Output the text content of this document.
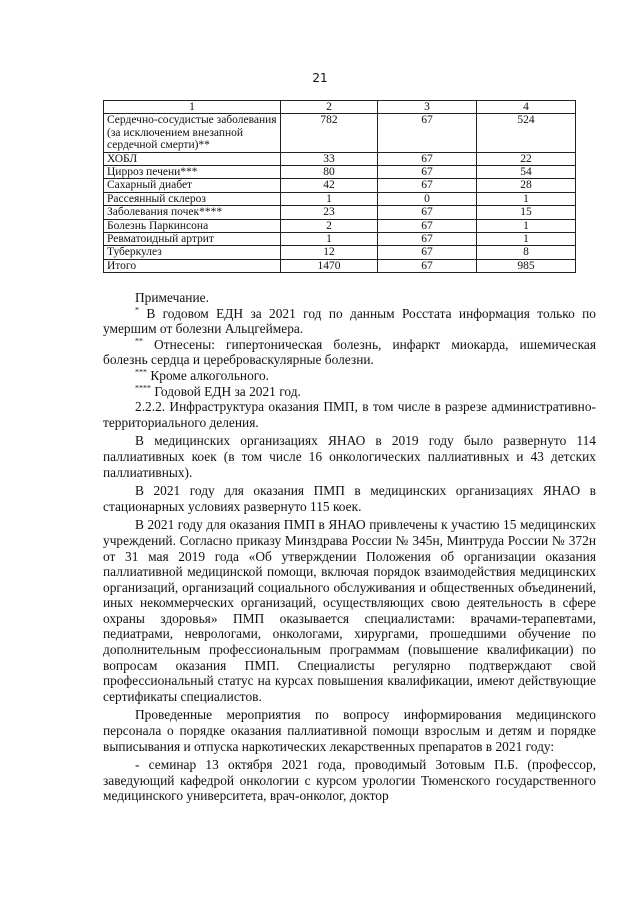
21
1	2	3	4
Сердечно-сосудистые заболевания (за исключением внезапной сердечной смерти)**	782	67	524
ХОБЛ	33	67	22
Цирроз печени***	80	67	54
Сахарный диабет	42	67	28
Рассеянный склероз	1	0	1
Заболевания почек****	23	67	15
Болезнь Паркинсона	2	67	1
Ревматоидный артрит	1	67	1
Туберкулез	12	67	8
Итого	1470	67	985

Примечание.

* В годовом ЕДН за 2021 год по данным Росстата информация только по умершим от болезни Альцгеймера.

** Отнесены: гипертоническая болезнь, инфаркт миокарда, ишемическая болезнь сердца и цереброваскулярные болезни.

*** Кроме алкогольного.

**** Годовой ЕДН за 2021 год.

2.2.2. Инфраструктура оказания ПМП, в том числе в разрезе административно-территориального деления.

В медицинских организациях ЯНАО в 2019 году было развернуто 114 паллиативных коек (в том числе 16 онкологических паллиативных и 43 детских паллиативных).

В 2021 году для оказания ПМП в медицинских организациях ЯНАО в стационарных условиях развернуто 115 коек.

В 2021 году для оказания ПМП в ЯНАО привлечены к участию 15 медицинских учреждений. Согласно приказу Минздрава России № 345н, Минтруда России № 372н от 31 мая 2019 года «Об утверждении Положения об организации оказания паллиативной медицинской помощи, включая порядок взаимодействия медицинских организаций, организаций социального обслуживания и общественных объединений, иных некоммерческих организаций, осуществляющих свою деятельность в сфере охраны здоровья» ПМП оказывается специалистами: врачами-терапевтами, педиатрами, неврологами, онкологами, хирургами, прошедшими обучение по дополнительным профессиональным программам (повышение квалификации) по вопросам оказания ПМП. Специалисты регулярно подтверждают свой профессиональный статус на курсах повышения квалификации, имеют действующие сертификаты специалистов.

Проведенные мероприятия по вопросу информирования медицинского персонала о порядке оказания паллиативной помощи взрослым и детям и порядке выписывания и отпуска наркотических лекарственных препаратов в 2021 году:

- семинар 13 октября 2021 года, проводимый Зотовым П.Б. (профессор, заведующий кафедрой онкологии с курсом урологии Тюменского государственного медицинского университета, врач-онколог, доктор
